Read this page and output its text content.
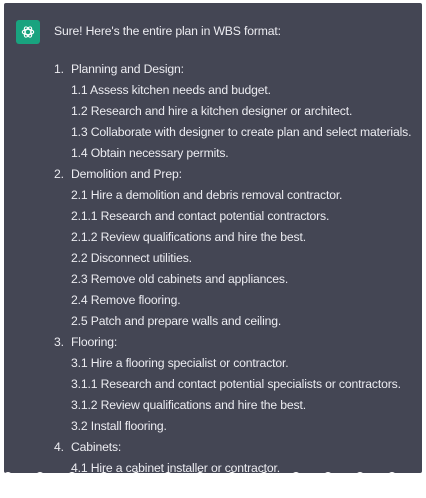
Sure! Here's the entire plan in WBS format:
1. Planning and Design:
1.1 Assess kitchen needs and budget.
1.2 Research and hire a kitchen designer or architect.
1.3 Collaborate with designer to create plan and select materials.
1.4 Obtain necessary permits.
2. Demolition and Prep:
2.1 Hire a demolition and debris removal contractor.
2.1.1 Research and contact potential contractors.
2.1.2 Review qualifications and hire the best.
2.2 Disconnect utilities.
2.3 Remove old cabinets and appliances.
2.4 Remove flooring.
2.5 Patch and prepare walls and ceiling.
3. Flooring:
3.1 Hire a flooring specialist or contractor.
3.1.1 Research and contact potential specialists or contractors.
3.1.2 Review qualifications and hire the best.
3.2 Install flooring.
4. Cabinets:
4.1 Hire a cabinet installer or contractor.
